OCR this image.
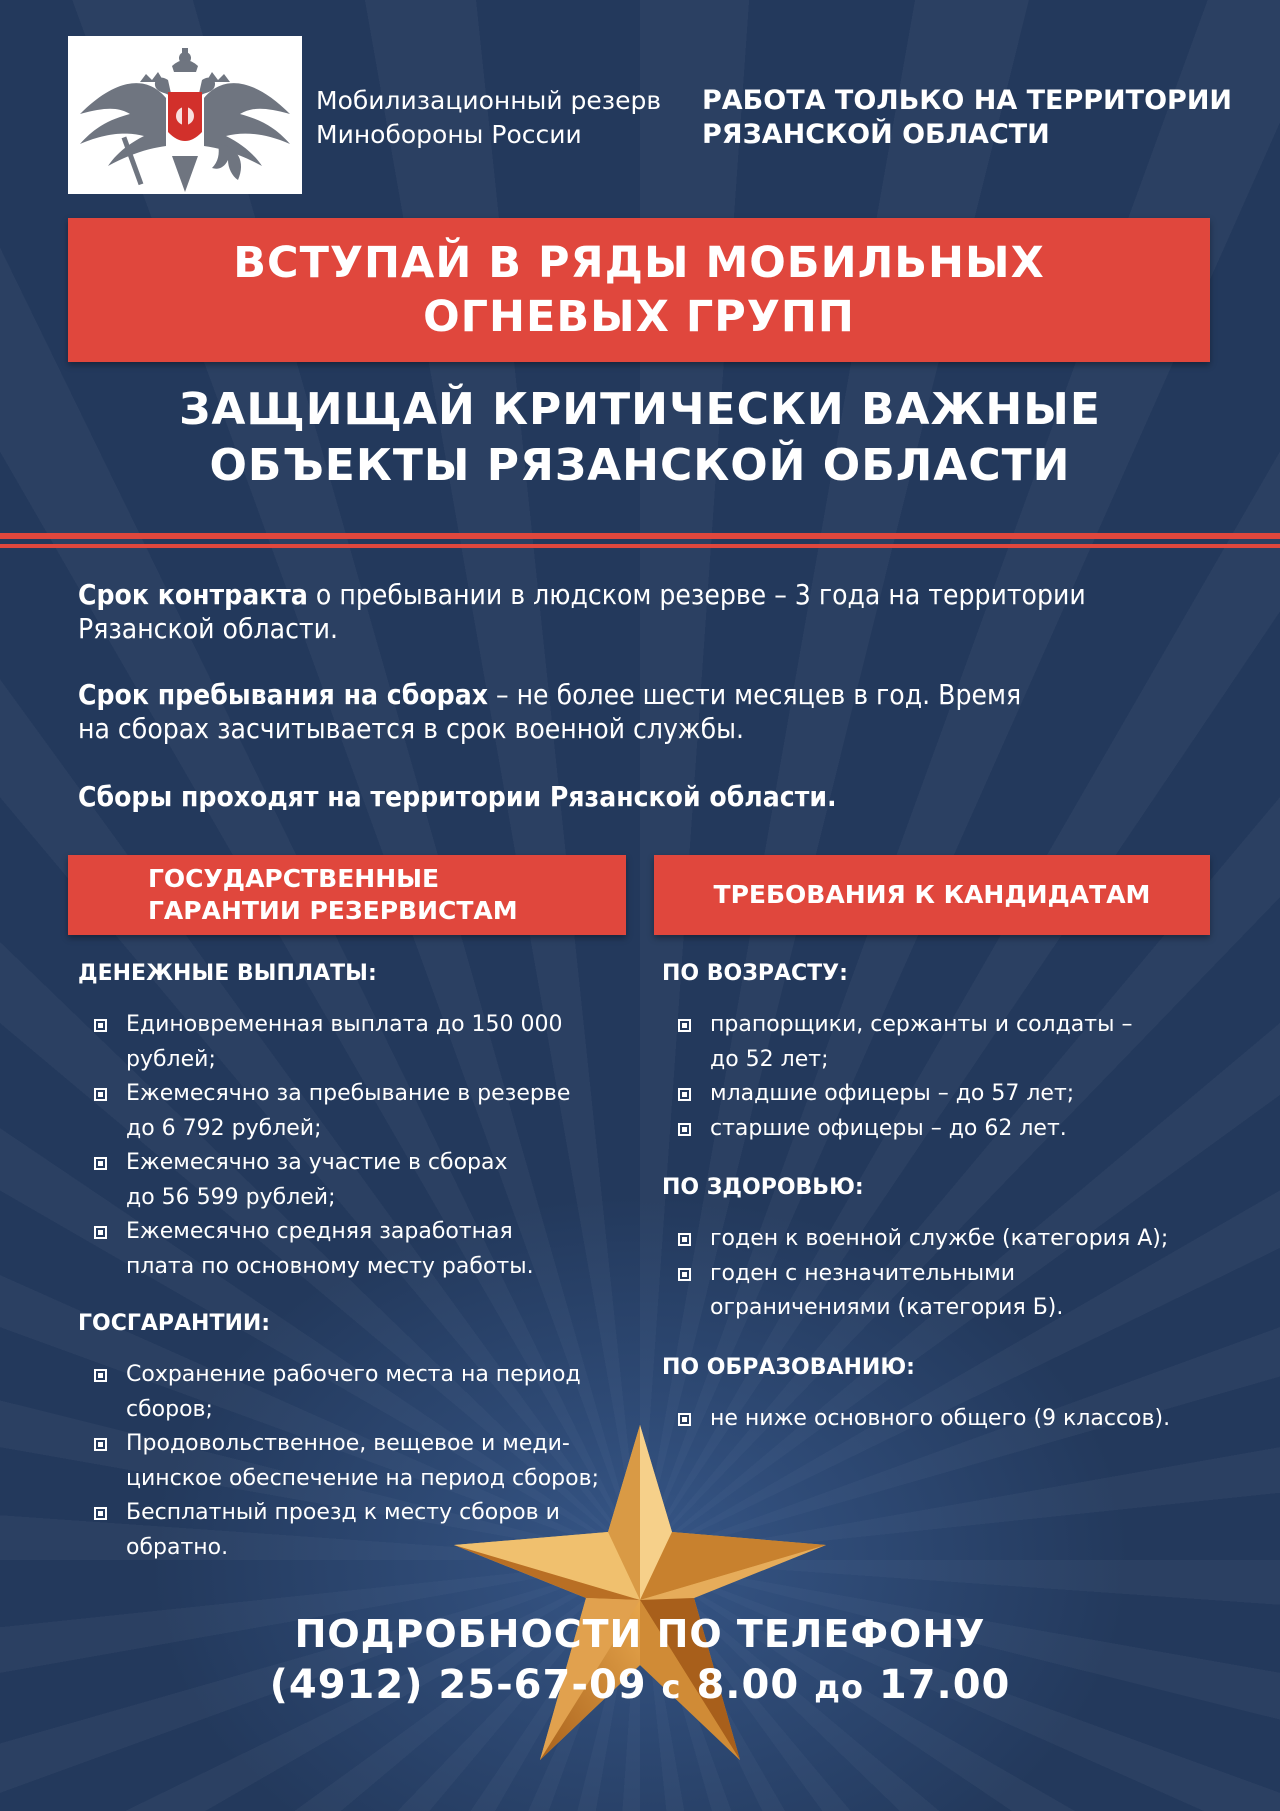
Мобилизационный резерв
Минобороны России
РАБОТА ТОЛЬКО НА ТЕРРИТОРИИ
РЯЗАНСКОЙ ОБЛАСТИ
ВСТУПАЙ В РЯДЫ МОБИЛЬНЫХ
ОГНЕВЫХ ГРУПП
ЗАЩИЩАЙ КРИТИЧЕСКИ ВАЖНЫЕ
ОБЪЕКТЫ РЯЗАНСКОЙ ОБЛАСТИ

Срок контракта о пребывании в людском резерве – 3 года на территории

Рязанской области.

Срок пребывания на сборах – не более шести месяцев в год. Время

на сборах засчитывается в срок военной службы.

Сборы проходят на территории Рязанской области.

ГОСУДАРСТВЕННЫЕ
ГАРАНТИИ РЕЗЕРВИСТАМ
ТРЕБОВАНИЯ К КАНДИДАТАМ
ДЕНЕЖНЫЕ ВЫПЛАТЫ:
Единовременная выплата до 150 000
рублей;
Ежемесячно за пребывание в резерве
до 6 792 рублей;
Ежемесячно за участие в сборах
до 56 599 рублей;
Ежемесячно средняя заработная
плата по основному месту работы.
ГОСГАРАНТИИ:
Сохранение рабочего места на период
сборов;
Продовольственное, вещевое и меди-
цинское обеспечение на период сборов;
Бесплатный проезд к месту сборов и
обратно.
ПО ВОЗРАСТУ:
прапорщики, сержанты и солдаты –
до 52 лет;
младшие офицеры – до 57 лет;
старшие офицеры – до 62 лет.
ПО ЗДОРОВЬЮ:
годен к военной службе (категория А);
годен с незначительными
ограничениями (категория Б).
ПО ОБРАЗОВАНИЮ:
не ниже основного общего (9 классов).
ПОДРОБНОСТИ ПО ТЕЛЕФОНУ
(4912) 25-67-09 с 8.00 до 17.00
